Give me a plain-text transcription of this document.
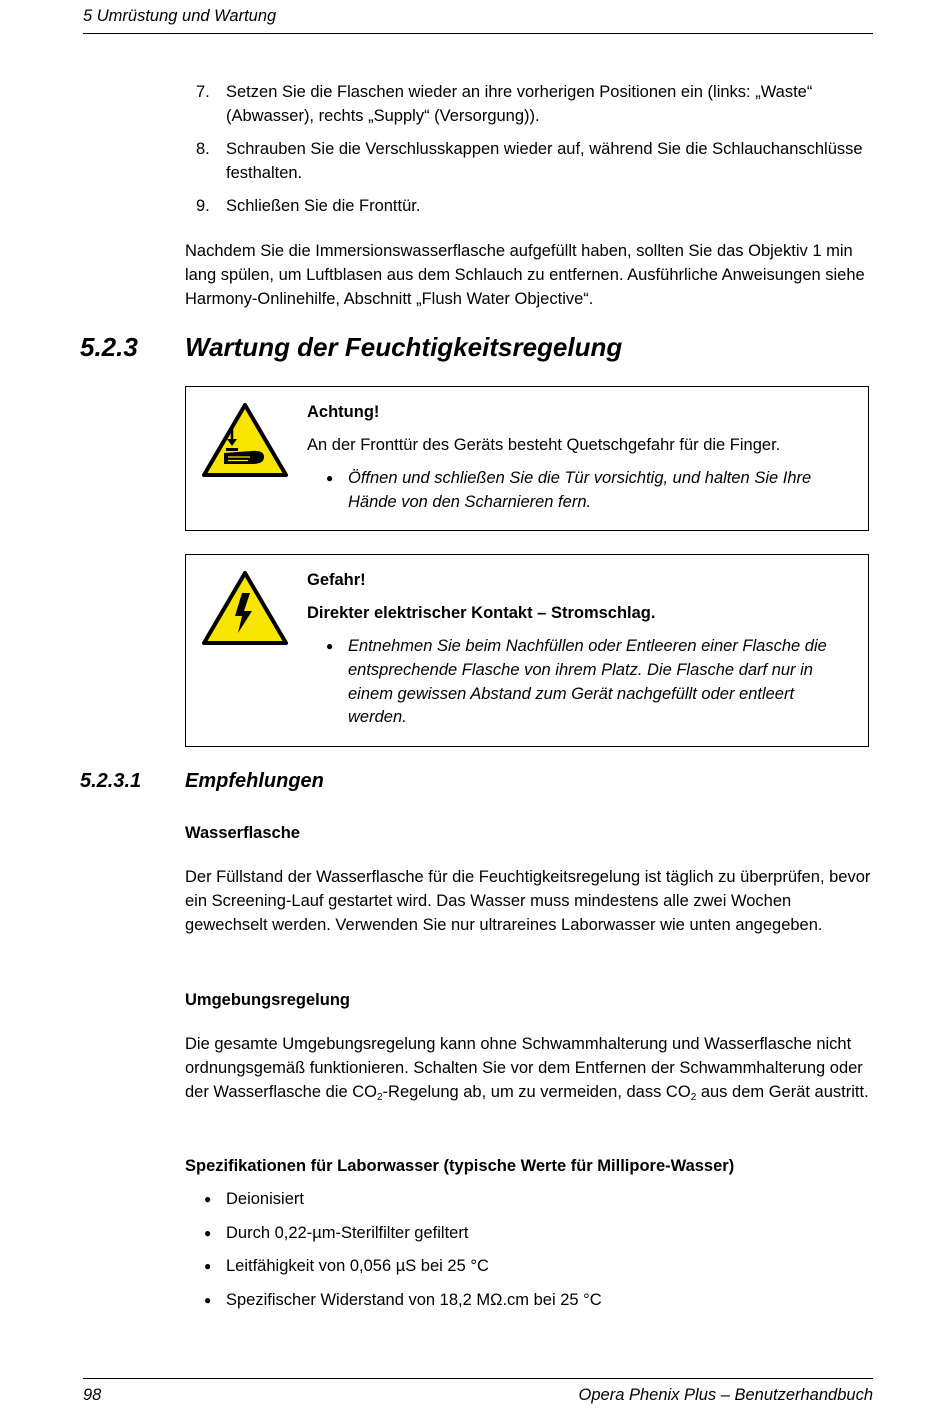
5 Umrüstung und Wartung
7. Setzen Sie die Flaschen wieder an ihre vorherigen Positionen ein (links: „Waste“ (Abwasser), rechts „Supply“ (Versorgung)).
8. Schrauben Sie die Verschlusskappen wieder auf, während Sie die Schlauchanschlüsse festhalten.
9. Schließen Sie die Fronttür.

Nachdem Sie die Immersionswasserflasche aufgefüllt haben, sollten Sie das Objektiv 1 min lang spülen, um Luftblasen aus dem Schlauch zu entfernen. Ausführliche Anweisungen siehe Harmony-Onlinehilfe, Abschnitt „Flush Water Objective“.

5.2.3	Wartung der Feuchtigkeitsregelung
Achtung!
An der Fronttür des Geräts besteht Quetschgefahr für die Finger.
● Öffnen und schließen Sie die Tür vorsichtig, und halten Sie Ihre Hände von den Scharnieren fern.
Gefahr!
Direkter elektrischer Kontakt – Stromschlag.
● Entnehmen Sie beim Nachfüllen oder Entleeren einer Flasche die entsprechende Flasche von ihrem Platz. Die Flasche darf nur in einem gewissen Abstand zum Gerät nachgefüllt oder entleert werden.
5.2.3.1 Empfehlungen
Wasserflasche

Der Füllstand der Wasserflasche für die Feuchtigkeitsregelung ist täglich zu überprüfen, bevor ein Screening-Lauf gestartet wird. Das Wasser muss mindestens alle zwei Wochen gewechselt werden. Verwenden Sie nur ultrareines Laborwasser wie unten angegeben.

Umgebungsregelung

Die gesamte Umgebungsregelung kann ohne Schwammhalterung und Wasserflasche nicht ordnungsgemäß funktionieren. Schalten Sie vor dem Entfernen der Schwammhalterung oder der Wasserflasche die $CO_2$-Regelung ab, um zu vermeiden, dass $CO_2$ aus dem Gerät austritt.

Spezifikationen für Laborwasser (typische Werte für Millipore-Wasser)
● Deionisiert
● Durch 0,22-µm-Sterilfilter gefiltert
● Leitfähigkeit von 0,056 µS bei 25 °C
● Spezifischer Widerstand von 18,2 MΩ.cm bei 25 °C
98	Opera Phenix Plus – Benutzerhandbuch
